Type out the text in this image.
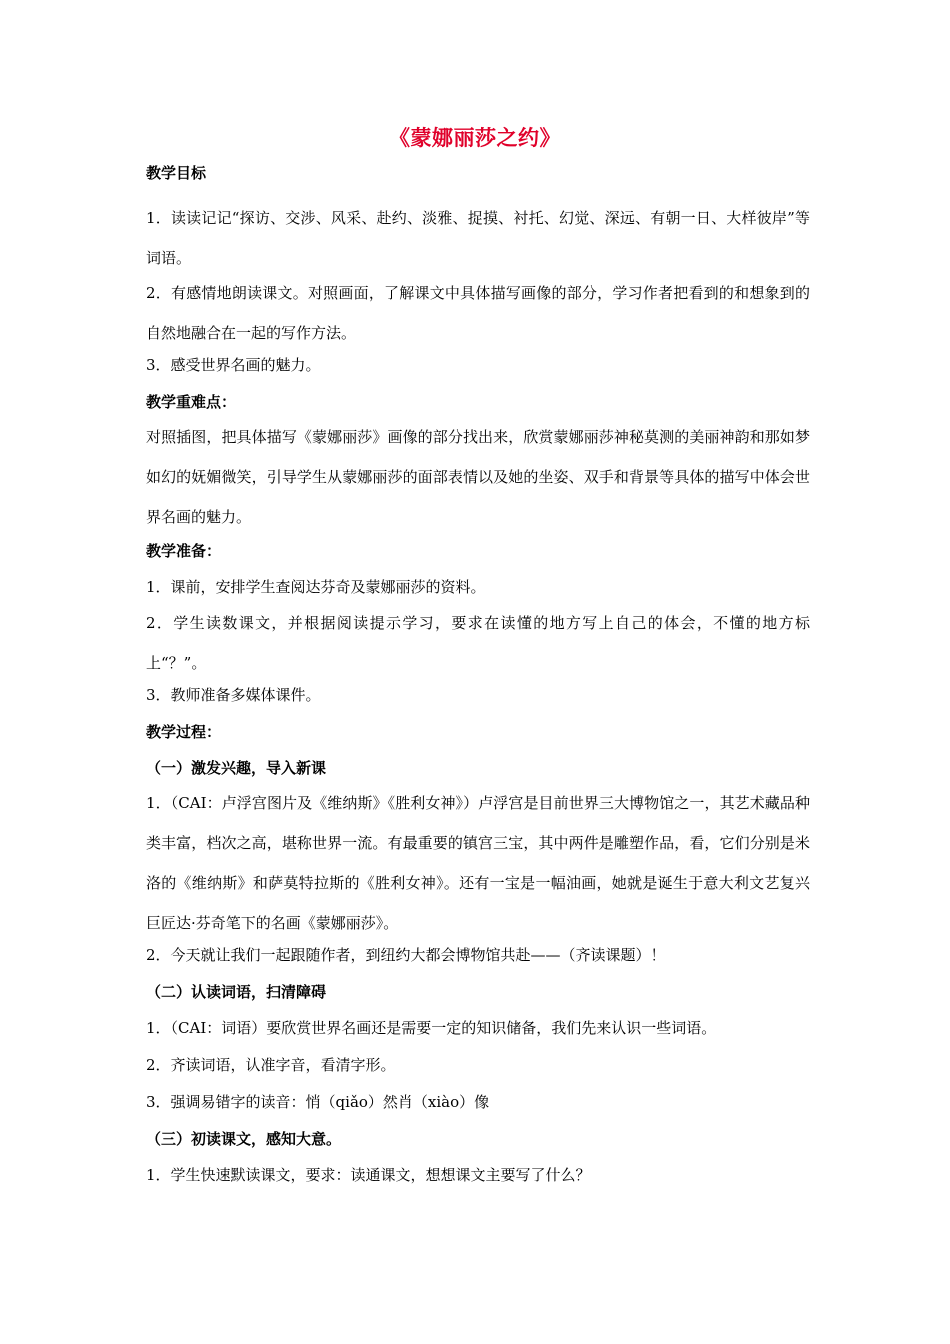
《蒙娜丽莎之约》
教学目标
1．读读记记“探访、交涉、风采、赴约、淡雅、捉摸、衬托、幻觉、深远、有朝一日、大样彼岸”等词语。
2．有感情地朗读课文。对照画面，了解课文中具体描写画像的部分，学习作者把看到的和想象到的自然地融合在一起的写作方法。
3．感受世界名画的魅力。
教学重难点：
对照插图，把具体描写《蒙娜丽莎》画像的部分找出来，欣赏蒙娜丽莎神秘莫测的美丽神韵和那如梦如幻的妩媚微笑，引导学生从蒙娜丽莎的面部表情以及她的坐姿、双手和背景等具体的描写中体会世界名画的魅力。
教学准备：
1．课前，安排学生查阅达芬奇及蒙娜丽莎的资料。
2．学生读数课文，并根据阅读提示学习，要求在读懂的地方写上自己的体会，不懂的地方标上“？”。
3．教师准备多媒体课件。
教学过程：
（一）激发兴趣，导入新课
1．（CAI：卢浮宫图片及《维纳斯》《胜利女神》）卢浮宫是目前世界三大博物馆之一，其艺术藏品种类丰富，档次之高，堪称世界一流。有最重要的镇宫三宝，其中两件是雕塑作品，看，它们分别是米洛的《维纳斯》和萨莫特拉斯的《胜利女神》。还有一宝是一幅油画，她就是诞生于意大利文艺复兴巨匠达·芬奇笔下的名画《蒙娜丽莎》。
2．今天就让我们一起跟随作者，到纽约大都会博物馆共赴——（齐读课题）！
（二）认读词语，扫清障碍
1．（CAI：词语）要欣赏世界名画还是需要一定的知识储备，我们先来认识一些词语。
2．齐读词语，认准字音，看清字形。
3．强调易错字的读音：悄（qiǎo）然肖（xiào）像
（三）初读课文，感知大意。
1．学生快速默读课文，要求：读通课文，想想课文主要写了什么？
